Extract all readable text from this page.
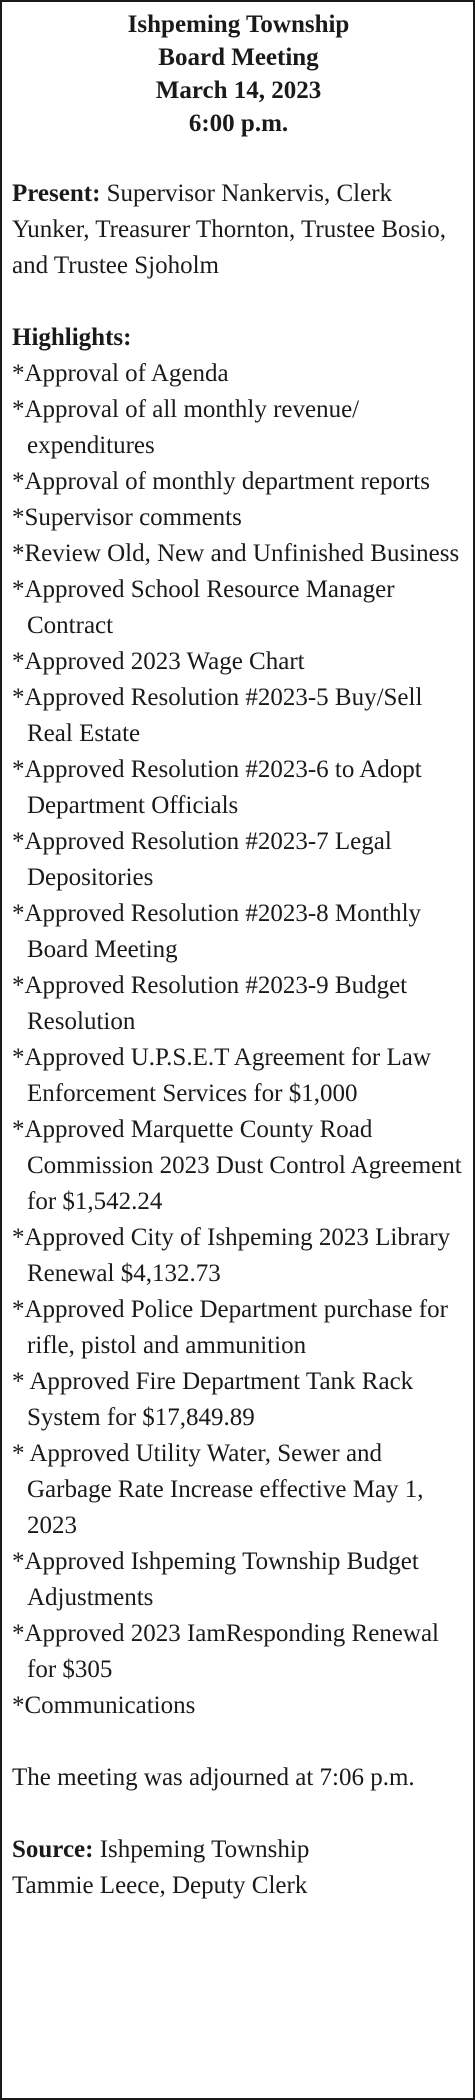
Ishpeming Township
Board Meeting
March 14, 2023
6:00 p.m.

Present: Supervisor Nankervis, Clerk Yunker, Treasurer Thornton, Trustee Bosio, and Trustee Sjoholm

Highlights:

*Approval of Agenda
*Approval of all monthly revenue/ expenditures
*Approval of monthly department reports
*Supervisor comments
*Review Old, New and Unfinished Business
*Approved School Resource Manager Contract
*Approved 2023 Wage Chart
*Approved Resolution #2023-5 Buy/Sell Real Estate
*Approved Resolution #2023-6 to Adopt Department Officials
*Approved Resolution #2023-7 Legal Depositories
*Approved Resolution #2023-8 Monthly Board Meeting
*Approved Resolution #2023-9 Budget Resolution
*Approved U.P.S.E.T Agreement for Law Enforcement Services for $1,000
*Approved Marquette County Road Commission 2023 Dust Control Agreement for $1,542.24
*Approved City of Ishpeming 2023 Library Renewal $4,132.73
*Approved Police Department purchase for rifle, pistol and ammunition
* Approved Fire Department Tank Rack System for $17,849.89
* Approved Utility Water, Sewer and Garbage Rate Increase effective May 1, 2023
*Approved Ishpeming Township Budget Adjustments
*Approved 2023 IamResponding Renewal for $305
*Communications

The meeting was adjourned at 7:06 p.m.

Source: Ishpeming Township

Tammie Leece, Deputy Clerk
